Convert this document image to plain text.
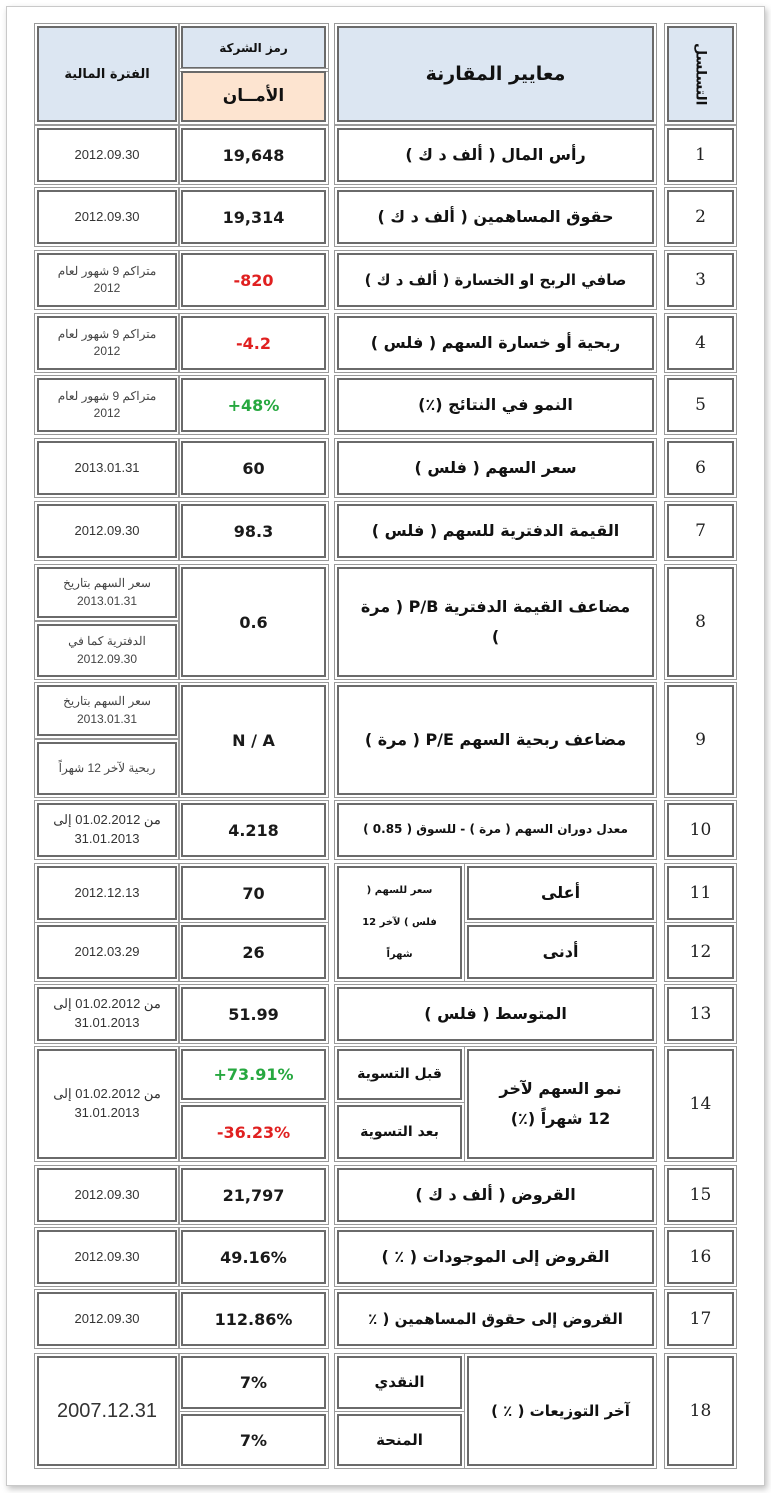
التسلسل
معايير المقارنة
رمز الشركة
الأمــان
الفترة المالية
1
رأس المال ( ألف د ك )
19,648
2012.09.30
2
حقوق المساهمين ( ألف د ك )
19,314
2012.09.30
3
صافي الربح او الخسارة ( ألف د ك )
-820
متراكم 9 شهور لعام 2012
4
ربحية أو خسارة السهم ( فلس )
-4.2
متراكم 9 شهور لعام 2012
5
النمو في النتائج (٪)
+48%
متراكم 9 شهور لعام 2012
6
سعر السهم ( فلس )
60
2013.01.31
7
القيمة الدفترية للسهم ( فلس )
98.3
2012.09.30
8
مضاعف القيمة الدفترية P/B ( مرة )
0.6
سعر السهم بتاريخ 2013.01.31
الدفترية كما في 2012.09.30
9
مضاعف ربحية السهم P/E ( مرة )
N / A
سعر السهم بتاريخ 2013.01.31
ربحية لآخر 12 شهراً
10
معدل دوران السهم ( مرة ) - للسوق ( 0.85 )
4.218
من 01.02.2012 إلى 31.01.2013
11
12
أعلى
أدنى
سعر للسهم ( فلس ) لآخر 12 شهراً
70
26
2012.12.13
2012.03.29
13
المتوسط ( فلس )
51.99
من 01.02.2012 إلى 31.01.2013
14
نمو السهم لآخر 12 شهراً (٪)
قبل التسوية
بعد التسوية
+73.91%
-36.23%
من 01.02.2012 إلى 31.01.2013
15
القروض ( ألف د ك )
21,797
2012.09.30
16
القروض إلى الموجودات ( ٪ )
49.16%
2012.09.30
17
القروض إلى حقوق المساهمين ( ٪
112.86%
2012.09.30
18
آخر التوزيعات ( ٪ )
النقدي
المنحة
7%
7%
2007.12.31
